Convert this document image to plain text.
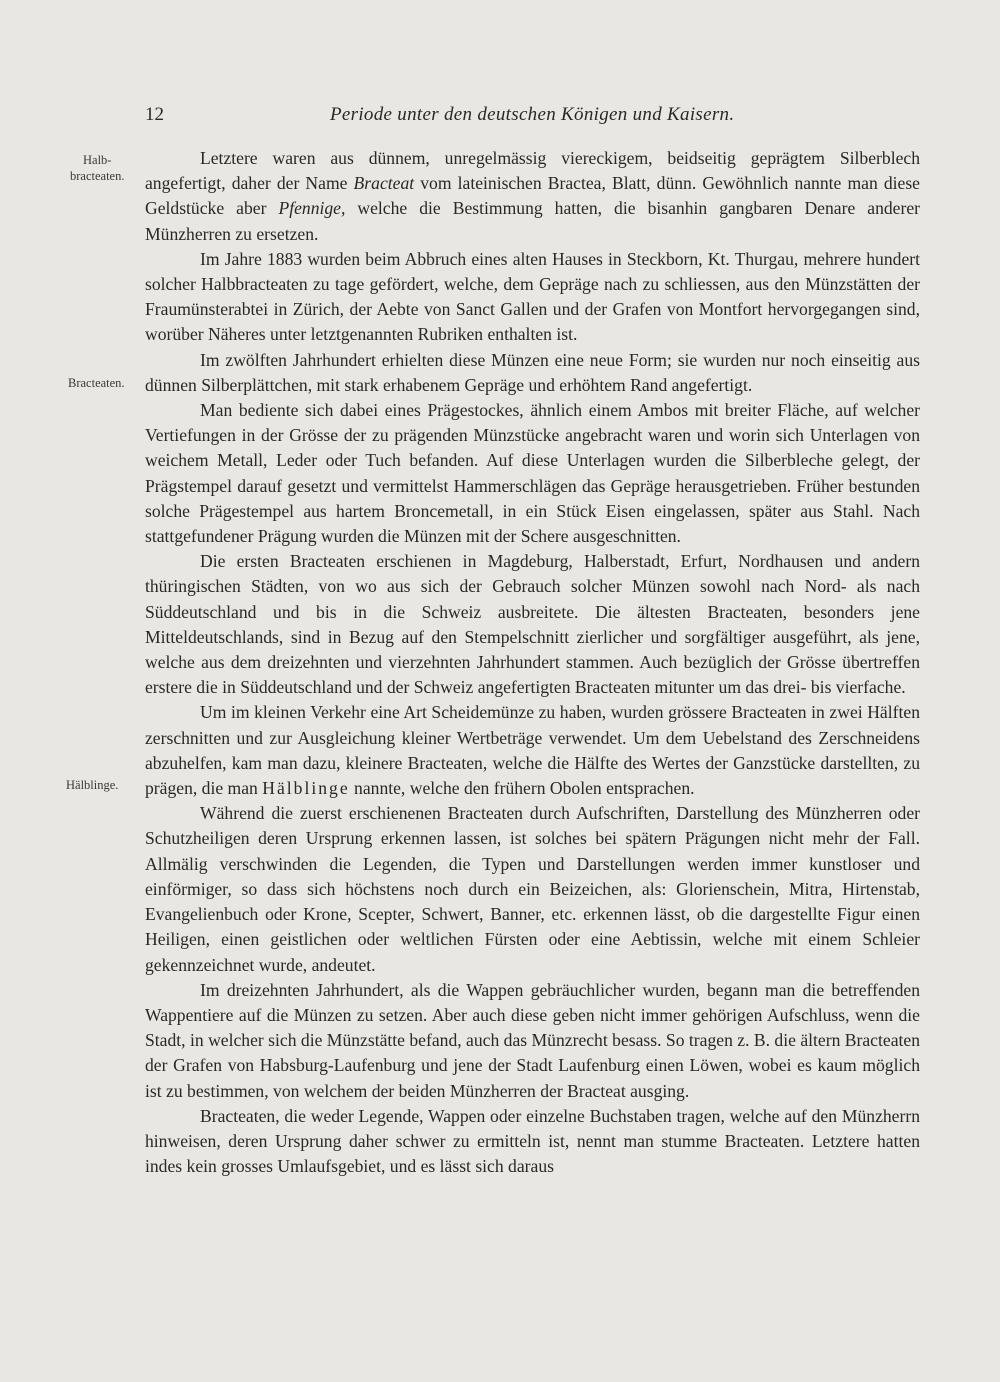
12	Periode unter den deutschen Königen und Kaisern.
Halb-
bracteaten.
Bracteaten.
Hälblinge.

Letztere waren aus dünnem, unregelmässig viereckigem, beidseitig geprägtem Silberblech angefertigt, daher der Name Bracteat vom lateinischen Bractea, Blatt, dünn. Gewöhnlich nannte man diese Geldstücke aber Pfennige, welche die Bestimmung hatten, die bisanhin gangbaren Denare anderer Münzherren zu ersetzen.

Im Jahre 1883 wurden beim Abbruch eines alten Hauses in Steckborn, Kt. Thurgau, mehrere hundert solcher Halbbracteaten zu tage gefördert, welche, dem Gepräge nach zu schliessen, aus den Münzstätten der Fraumünsterabtei in Zürich, der Aebte von Sanct Gallen und der Grafen von Montfort hervorgegangen sind, worüber Näheres unter letztgenannten Rubriken enthalten ist.

Im zwölften Jahrhundert erhielten diese Münzen eine neue Form; sie wurden nur noch einseitig aus dünnen Silberplättchen, mit stark erhabenem Gepräge und erhöhtem Rand angefertigt.

Man bediente sich dabei eines Prägestockes, ähnlich einem Ambos mit breiter Fläche, auf welcher Vertiefungen in der Grösse der zu prägenden Münzstücke angebracht waren und worin sich Unterlagen von weichem Metall, Leder oder Tuch befanden. Auf diese Unterlagen wurden die Silberbleche gelegt, der Prägstempel darauf gesetzt und vermittelst Hammerschlägen das Gepräge herausgetrieben. Früher bestunden solche Prägestempel aus hartem Broncemetall, in ein Stück Eisen eingelassen, später aus Stahl. Nach stattgefundener Prägung wurden die Münzen mit der Schere ausgeschnitten.

Die ersten Bracteaten erschienen in Magdeburg, Halberstadt, Erfurt, Nordhausen und andern thüringischen Städten, von wo aus sich der Gebrauch solcher Münzen sowohl nach Nord- als nach Süddeutschland und bis in die Schweiz ausbreitete. Die ältesten Bracteaten, besonders jene Mitteldeutschlands, sind in Bezug auf den Stempelschnitt zierlicher und sorgfältiger ausgeführt, als jene, welche aus dem dreizehnten und vierzehnten Jahrhundert stammen. Auch bezüglich der Grösse übertreffen erstere die in Süddeutschland und der Schweiz angefertigten Bracteaten mitunter um das drei- bis vierfache.

Um im kleinen Verkehr eine Art Scheidemünze zu haben, wurden grössere Bracteaten in zwei Hälften zerschnitten und zur Ausgleichung kleiner Wertbeträge verwendet. Um dem Uebelstand des Zerschneidens abzuhelfen, kam man dazu, kleinere Bracteaten, welche die Hälfte des Wertes der Ganzstücke darstellten, zu prägen, die man Hälblinge nannte, welche den frühern Obolen entsprachen.

Während die zuerst erschienenen Bracteaten durch Aufschriften, Darstellung des Münzherren oder Schutzheiligen deren Ursprung erkennen lassen, ist solches bei spätern Prägungen nicht mehr der Fall. Allmälig verschwinden die Legenden, die Typen und Darstellungen werden immer kunstloser und einförmiger, so dass sich höchstens noch durch ein Beizeichen, als: Glorienschein, Mitra, Hirtenstab, Evangelienbuch oder Krone, Scepter, Schwert, Banner, etc. erkennen lässt, ob die dargestellte Figur einen Heiligen, einen geistlichen oder weltlichen Fürsten oder eine Aebtissin, welche mit einem Schleier gekennzeichnet wurde, andeutet.

Im dreizehnten Jahrhundert, als die Wappen gebräuchlicher wurden, begann man die betreffenden Wappentiere auf die Münzen zu setzen. Aber auch diese geben nicht immer gehörigen Aufschluss, wenn die Stadt, in welcher sich die Münzstätte befand, auch das Münzrecht besass. So tragen z. B. die ältern Bracteaten der Grafen von Habsburg-Laufenburg und jene der Stadt Laufenburg einen Löwen, wobei es kaum möglich ist zu bestimmen, von welchem der beiden Münzherren der Bracteat ausging.

Bracteaten, die weder Legende, Wappen oder einzelne Buchstaben tragen, welche auf den Münzherrn hinweisen, deren Ursprung daher schwer zu ermitteln ist, nennt man stumme Bracteaten. Letztere hatten indes kein grosses Umlaufsgebiet, und es lässt sich daraus
